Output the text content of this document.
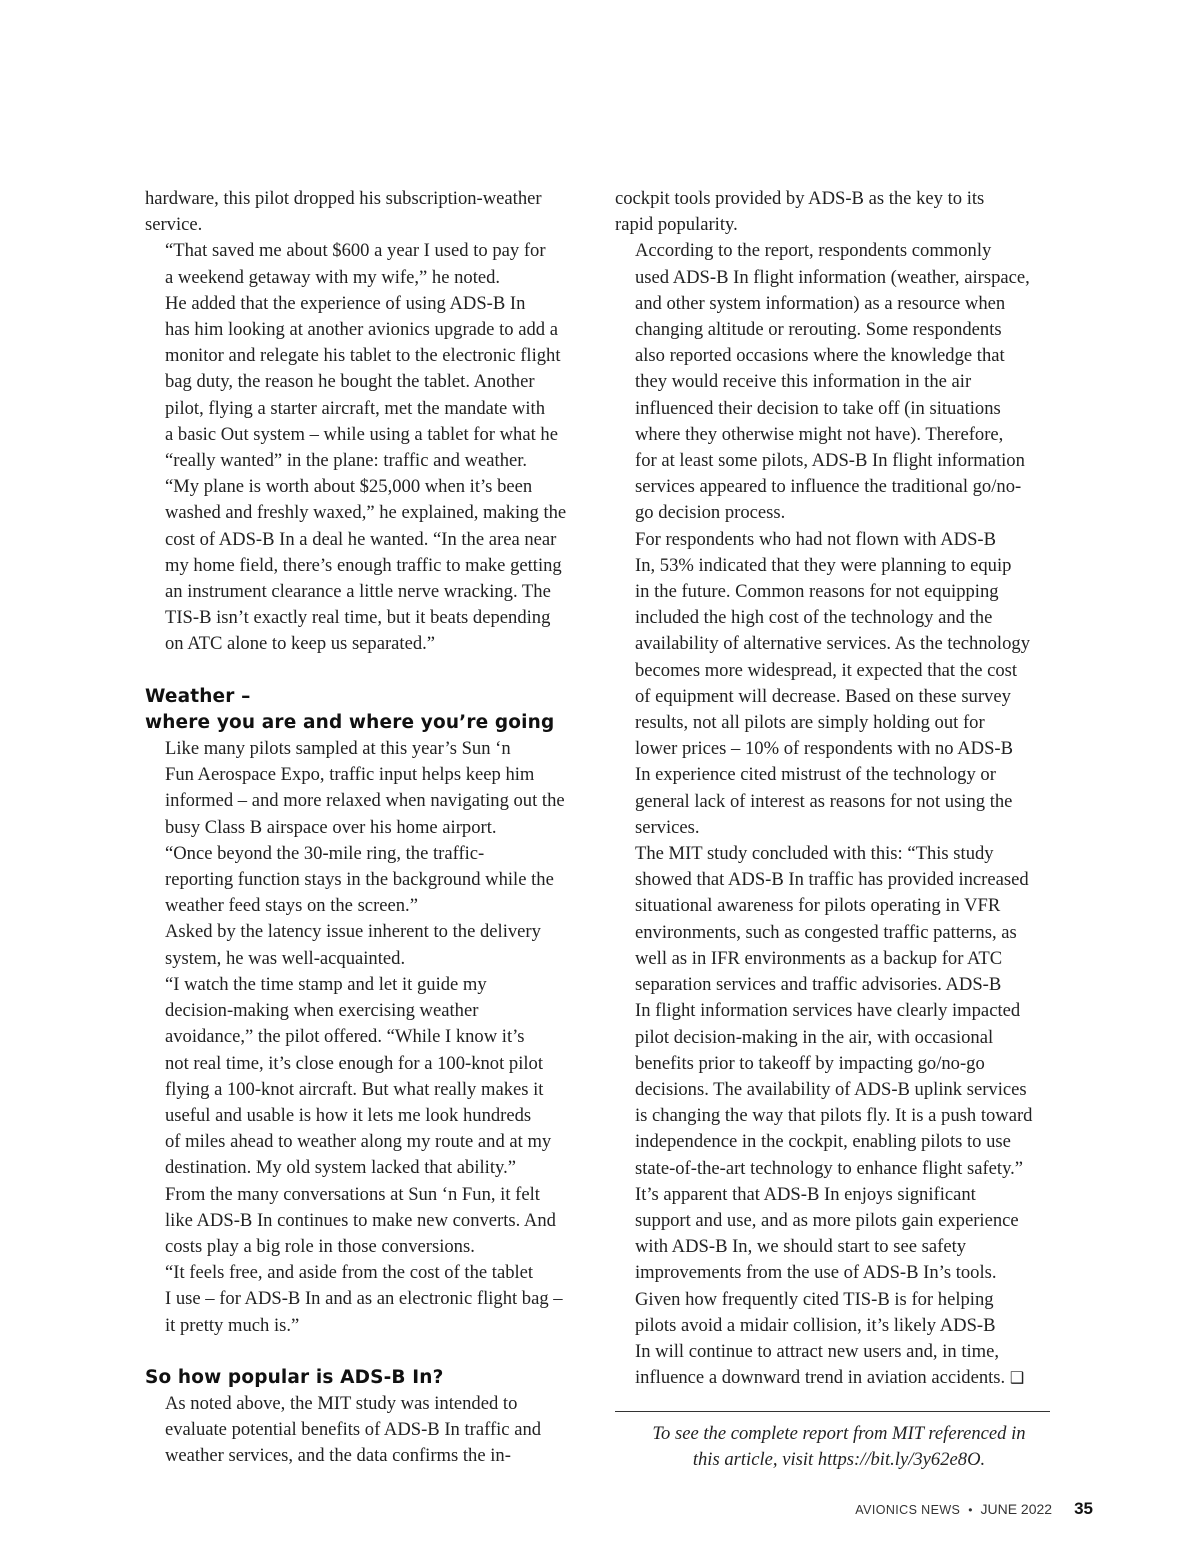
hardware, this pilot dropped his subscription-weather
service.

“That saved me about $600 a year I used to pay for
a weekend getaway with my wife,” he noted.

He added that the experience of using ADS-B In
has him looking at another avionics upgrade to add a
monitor and relegate his tablet to the electronic flight
bag duty, the reason he bought the tablet. Another
pilot, flying a starter aircraft, met the mandate with
a basic Out system – while using a tablet for what he
“really wanted” in the plane: traffic and weather.

“My plane is worth about $25,000 when it’s been
washed and freshly waxed,” he explained, making the
cost of ADS-B In a deal he wanted. “In the area near
my home field, there’s enough traffic to make getting
an instrument clearance a little nerve wracking. The
TIS-B isn’t exactly real time, but it beats depending
on ATC alone to keep us separated.”

Weather –
where you are and where you’re going

Like many pilots sampled at this year’s Sun ‘n
Fun Aerospace Expo, traffic input helps keep him
informed – and more relaxed when navigating out the
busy Class B airspace over his home airport.

“Once beyond the 30-mile ring, the traffic-
reporting function stays in the background while the
weather feed stays on the screen.”

Asked by the latency issue inherent to the delivery
system, he was well-acquainted.

“I watch the time stamp and let it guide my
decision-making when exercising weather
avoidance,” the pilot offered. “While I know it’s
not real time, it’s close enough for a 100-knot pilot
flying a 100-knot aircraft. But what really makes it
useful and usable is how it lets me look hundreds
of miles ahead to weather along my route and at my
destination. My old system lacked that ability.”

From the many conversations at Sun ‘n Fun, it felt
like ADS-B In continues to make new converts. And
costs play a big role in those conversions.

“It feels free, and aside from the cost of the tablet
I use – for ADS-B In and as an electronic flight bag –
it pretty much is.”

So how popular is ADS-B In?

As noted above, the MIT study was intended to
evaluate potential benefits of ADS-B In traffic and
weather services, and the data confirms the in-

cockpit tools provided by ADS-B as the key to its
rapid popularity.

According to the report, respondents commonly
used ADS-B In flight information (weather, airspace,
and other system information) as a resource when
changing altitude or rerouting. Some respondents
also reported occasions where the knowledge that
they would receive this information in the air
influenced their decision to take off (in situations
where they otherwise might not have). Therefore,
for at least some pilots, ADS-B In flight information
services appeared to influence the traditional go/no-
go decision process.

For respondents who had not flown with ADS-B
In, 53% indicated that they were planning to equip
in the future. Common reasons for not equipping
included the high cost of the technology and the
availability of alternative services. As the technology
becomes more widespread, it expected that the cost
of equipment will decrease. Based on these survey
results, not all pilots are simply holding out for
lower prices – 10% of respondents with no ADS-B
In experience cited mistrust of the technology or
general lack of interest as reasons for not using the
services.

The MIT study concluded with this: “This study
showed that ADS-B In traffic has provided increased
situational awareness for pilots operating in VFR
environments, such as congested traffic patterns, as
well as in IFR environments as a backup for ATC
separation services and traffic advisories. ADS-B
In flight information services have clearly impacted
pilot decision-making in the air, with occasional
benefits prior to takeoff by impacting go/no-go
decisions. The availability of ADS-B uplink services
is changing the way that pilots fly. It is a push toward
independence in the cockpit, enabling pilots to use
state-of-the-art technology to enhance flight safety.”

It’s apparent that ADS-B In enjoys significant
support and use, and as more pilots gain experience
with ADS-B In, we should start to see safety
improvements from the use of ADS-B In’s tools.
Given how frequently cited TIS-B is for helping
pilots avoid a midair collision, it’s likely ADS-B
In will continue to attract new users and, in time,
influence a downward trend in aviation accidents. ❑

To see the complete report from MIT referenced in
this article, visit https://bit.ly/3y62e8O.
AVIONICS NEWS • JUNE 2022 35
